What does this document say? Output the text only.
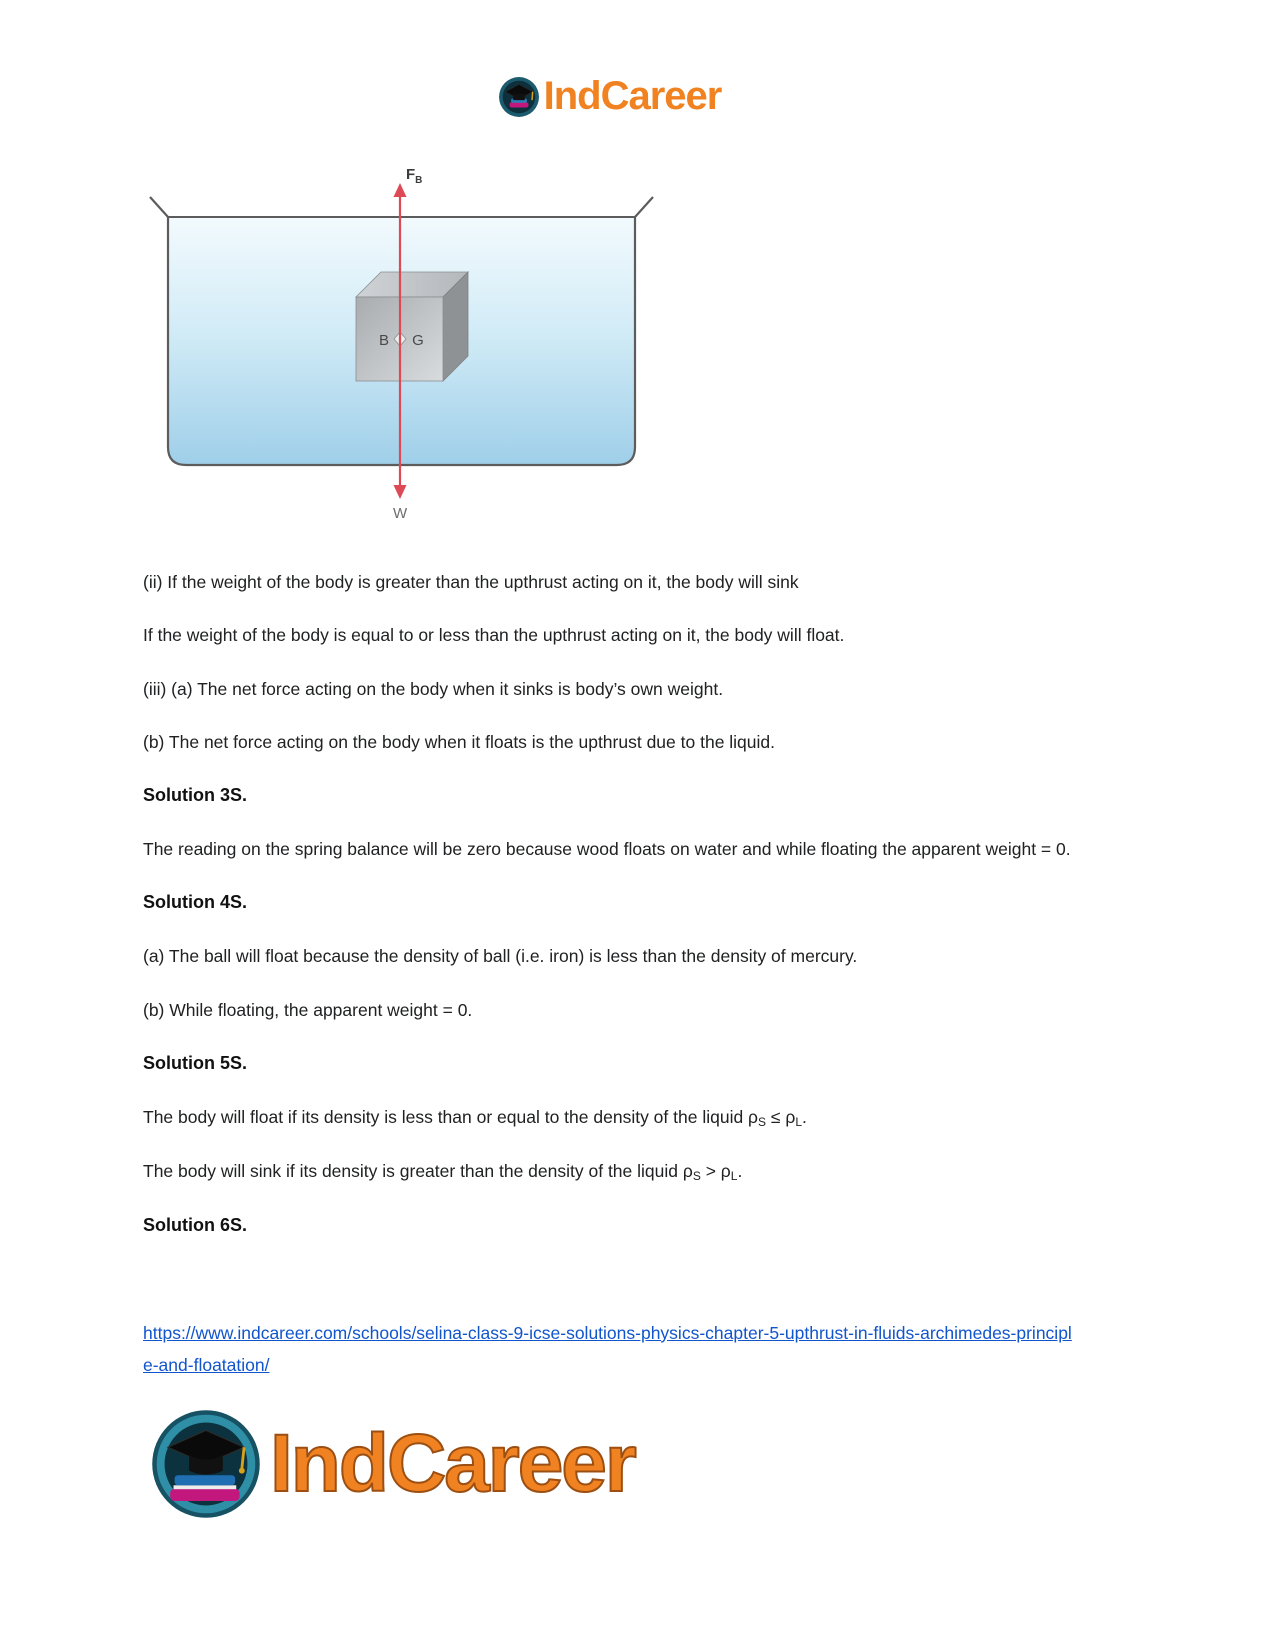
IndCareer
B G
$F_B$
W

(ii) If the weight of the body is greater than the upthrust acting on it, the body will sink

If the weight of the body is equal to or less than the upthrust acting on it, the body will float.

(iii) (a) The net force acting on the body when it sinks is body’s own weight.

(b) The net force acting on the body when it floats is the upthrust due to the liquid.

Solution 3S.

The reading on the spring balance will be zero because wood floats on water and while floating the apparent weight = 0.

Solution 4S.

(a) The ball will float because the density of ball (i.e. iron) is less than the density of mercury.

(b) While floating, the apparent weight = 0.

Solution 5S.

The body will float if its density is less than or equal to the density of the liquid $\rho_S \le \rho_L$.

The body will sink if its density is greater than the density of the liquid $\rho_S > \rho_L$.

Solution 6S.
https://www.indcareer.com/schools/selina-class-9-icse-solutions-physics-chapter-5-upthrust-in-fluids-archimedes-principle-and-floatation/
IndCareer
